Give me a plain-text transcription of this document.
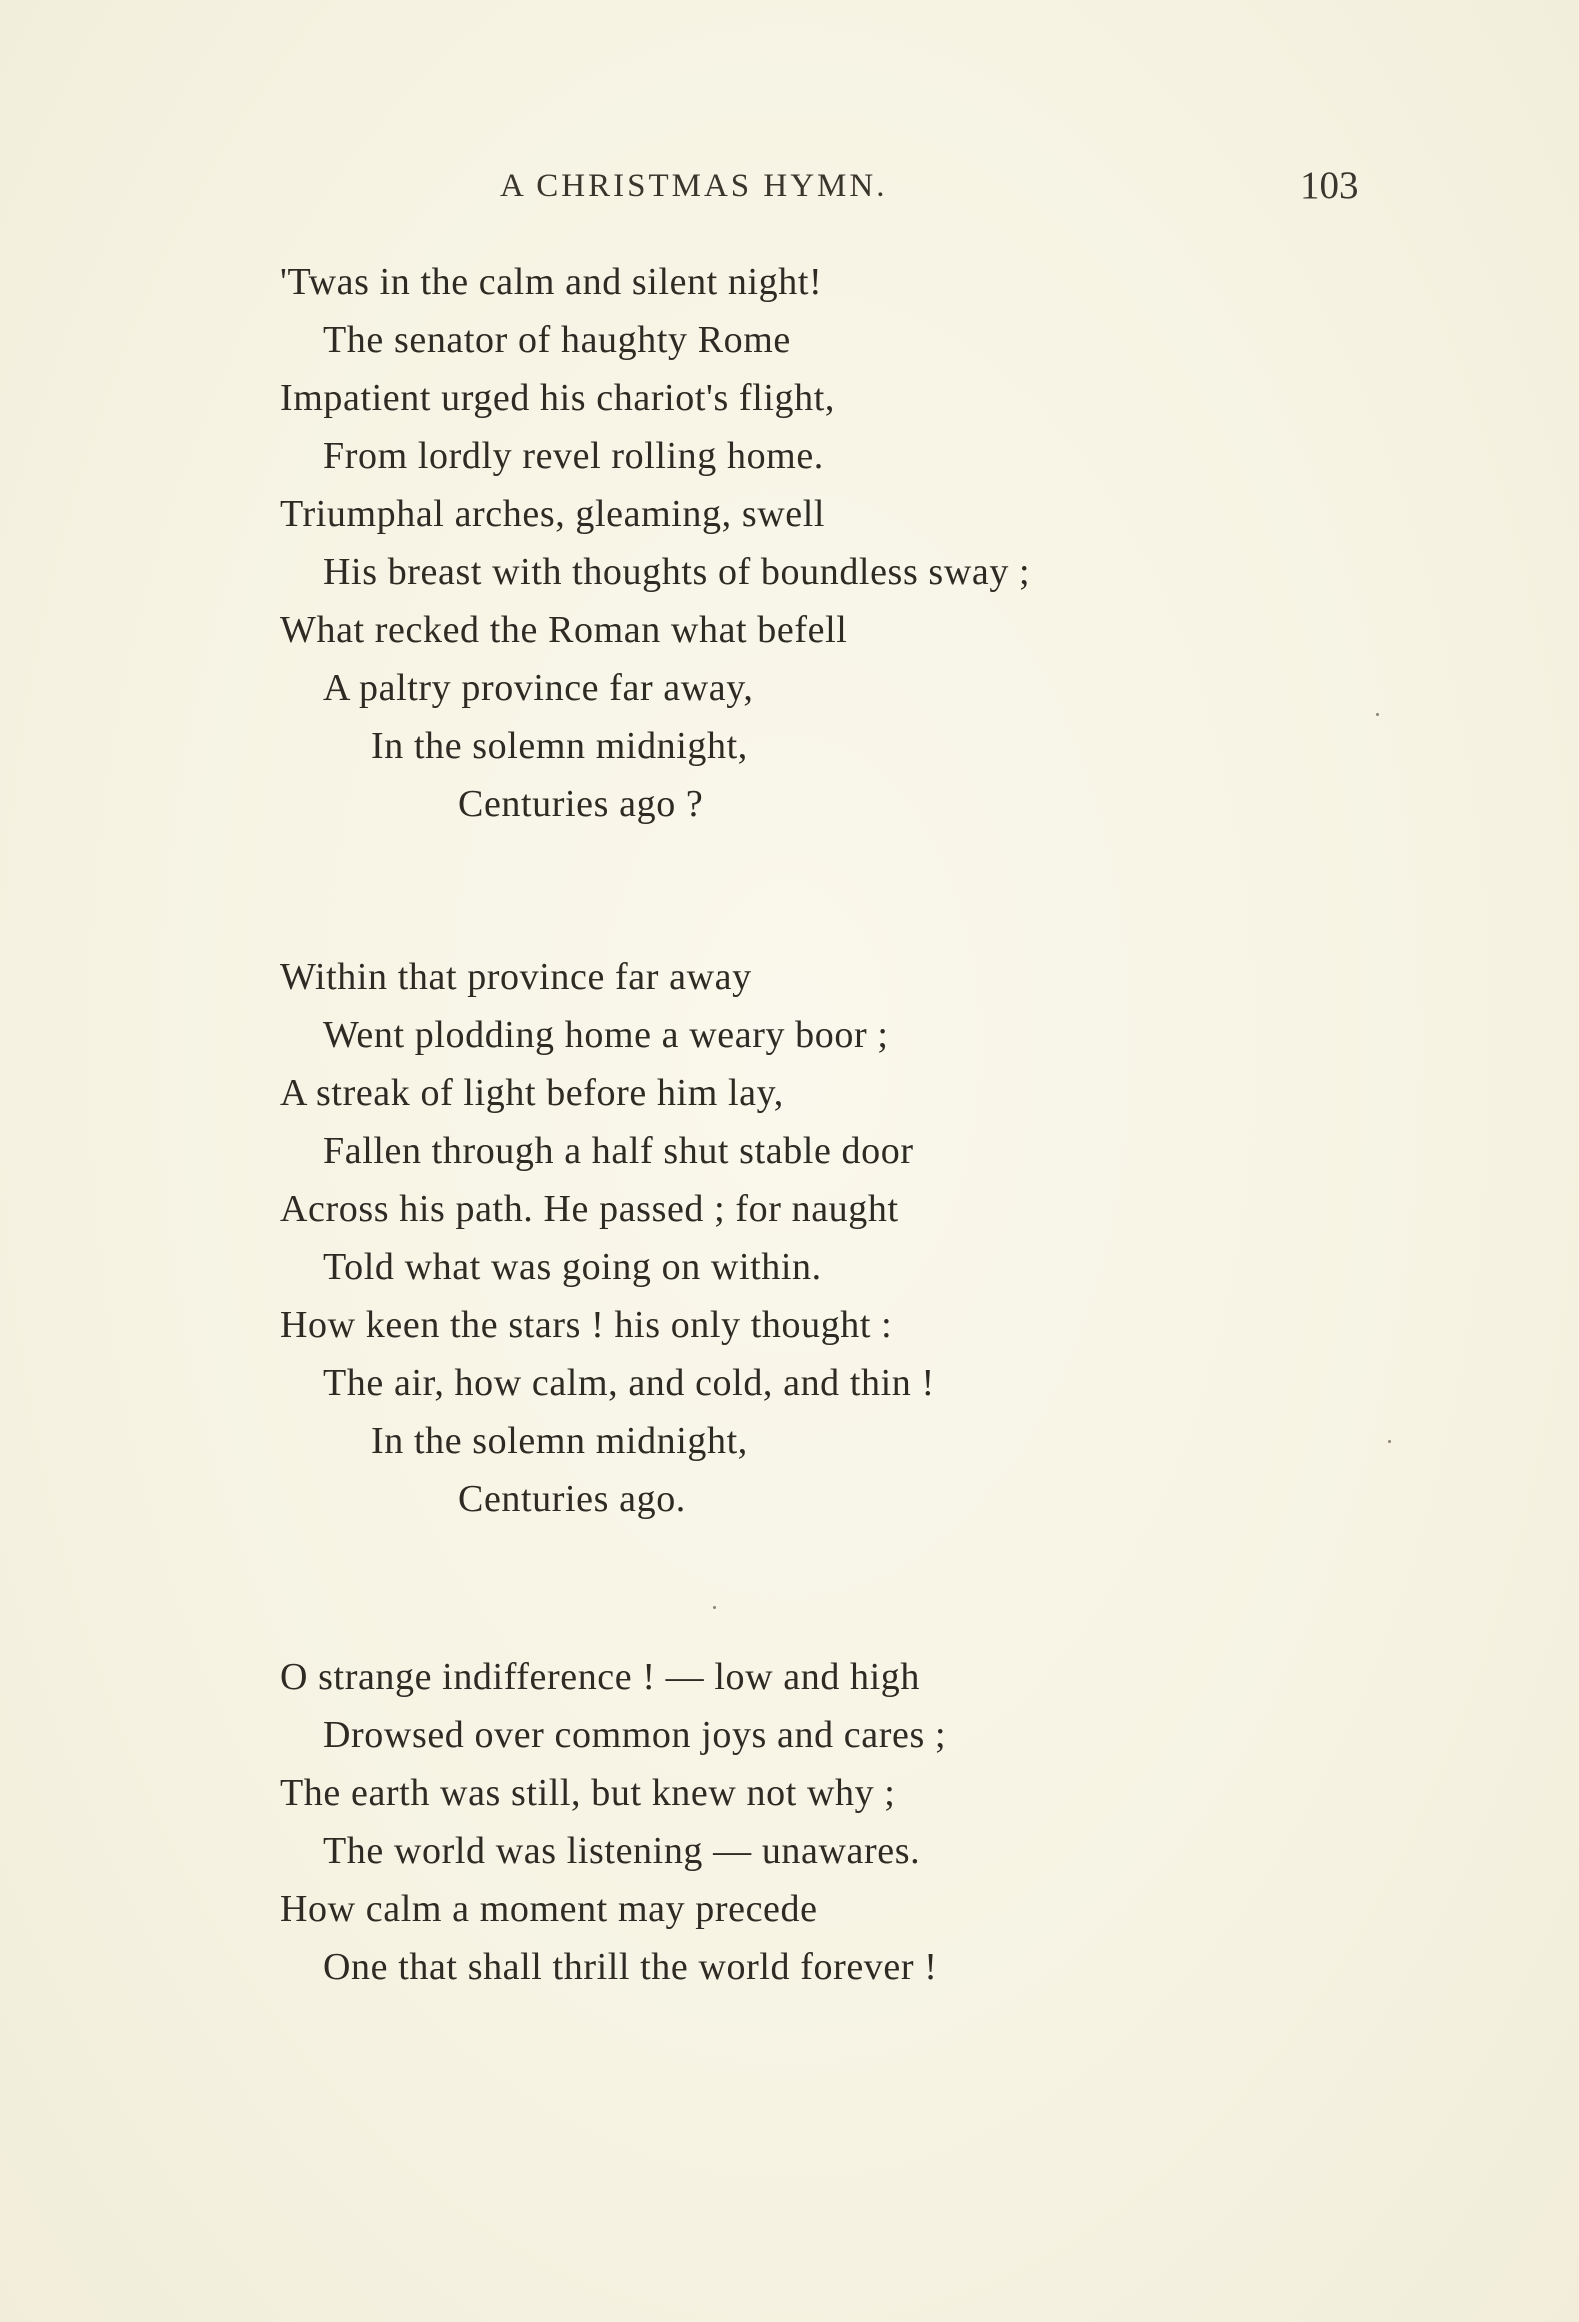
A CHRISTMAS HYMN.	103
'Twas in the calm and silent night!
The senator of haughty Rome
Impatient urged his chariot's flight,
From lordly revel rolling home.
Triumphal arches, gleaming, swell
His breast with thoughts of boundless sway ;
What recked the Roman what befell
A paltry province far away,
In the solemn midnight,
Centuries ago ?
Within that province far away
Went plodding home a weary boor ;
A streak of light before him lay,
Fallen through a half shut stable door
Across his path. He passed ; for naught
Told what was going on within.
How keen the stars ! his only thought :
The air, how calm, and cold, and thin !
In the solemn midnight,
Centuries ago.
O strange indifference ! — low and high
Drowsed over common joys and cares ;
The earth was still, but knew not why ;
The world was listening — unawares.
How calm a moment may precede
One that shall thrill the world forever !
